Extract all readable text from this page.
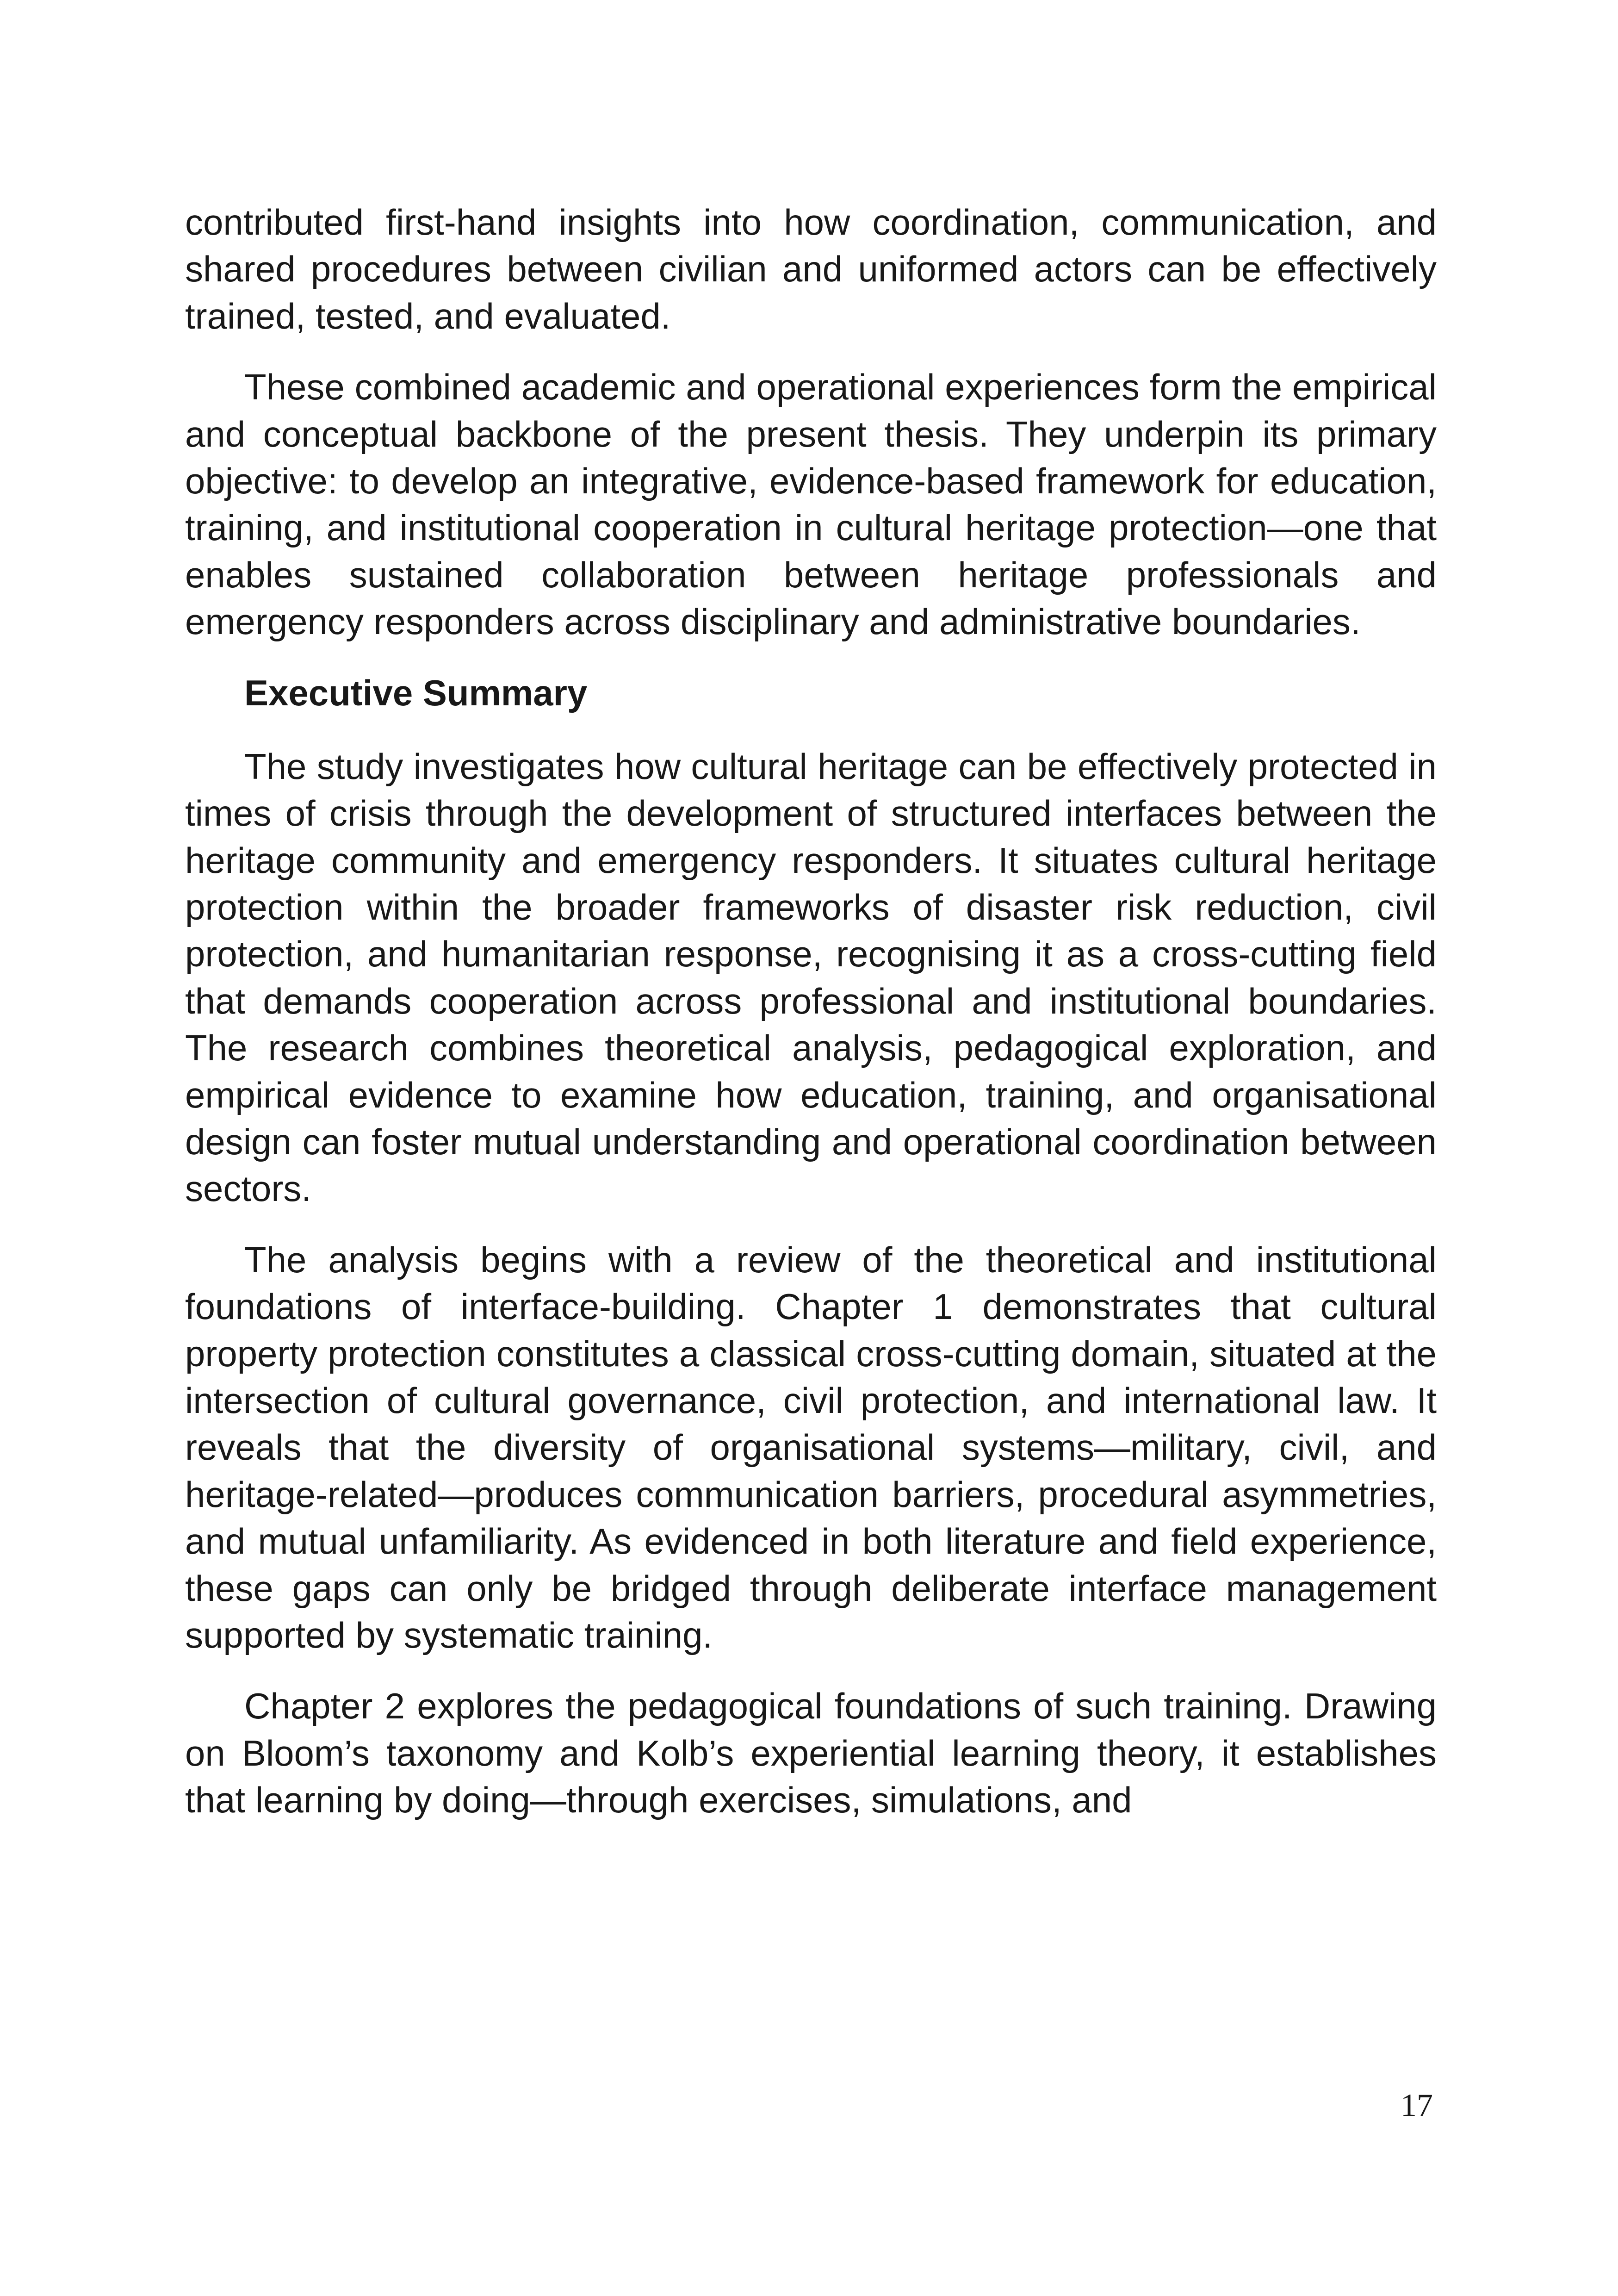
contributed first-hand insights into how coordination, communication, and shared procedures between civilian and uniformed actors can be effectively trained, tested, and evaluated.

These combined academic and operational experiences form the empirical and conceptual backbone of the present thesis. They underpin its primary objective: to develop an integrative, evidence-based framework for education, training, and institutional cooperation in cultural heritage protection—one that enables sustained collaboration between heritage professionals and emergency responders across disciplinary and administrative boundaries.

Executive Summary

The study investigates how cultural heritage can be effectively protected in times of crisis through the development of structured interfaces between the heritage community and emergency responders. It situates cultural heritage protection within the broader frameworks of disaster risk reduction, civil protection, and humanitarian response, recognising it as a cross-cutting field that demands cooperation across professional and institutional boundaries. The research combines theoretical analysis, pedagogical exploration, and empirical evidence to examine how education, training, and organisational design can foster mutual understanding and operational coordination between sectors.

The analysis begins with a review of the theoretical and institutional foundations of interface-building. Chapter 1 demonstrates that cultural property protection constitutes a classical cross-cutting domain, situated at the intersection of cultural governance, civil protection, and international law. It reveals that the diversity of organisational systems—military, civil, and heritage-related—produces communication barriers, procedural asymmetries, and mutual unfamiliarity. As evidenced in both literature and field experience, these gaps can only be bridged through deliberate interface management supported by systematic training.

Chapter 2 explores the pedagogical foundations of such training. Drawing on Bloom’s taxonomy and Kolb’s experiential learning theory, it establishes that learning by doing—through exercises, simulations, and

17
